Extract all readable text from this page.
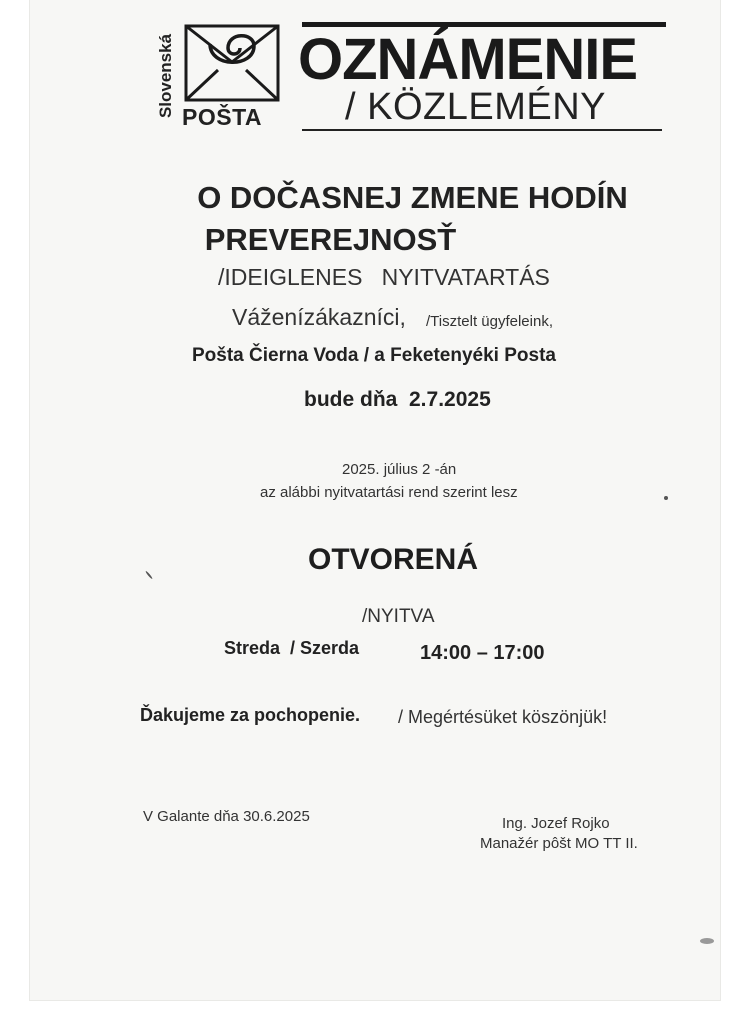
Slovenská POŠTA
OZNÁMENIE
/ KÖZLEMÉNY
O DOČASNEJ ZMENE HODÍN
PREVEREJNOSŤ
/IDEIGLENES   NYITVATARTÁS
Váženízákazníci, /Tisztelt ügyfeleink,
Pošta Čierna Voda / a Feketenyéki Posta
bude dňa  2.7.2025
2025. július 2 -án
az alábbi nyitvatartási rend szerint lesz
OTVORENÁ
/NYITVA
Streda  / Szerda	14:00 – 17:00
Ďakujeme za pochopenie. / Megértésüket köszönjük!
V Galante dňa 30.6.2025	Ing. Jozef Rojko
Manažér pôšt MO TT II.
